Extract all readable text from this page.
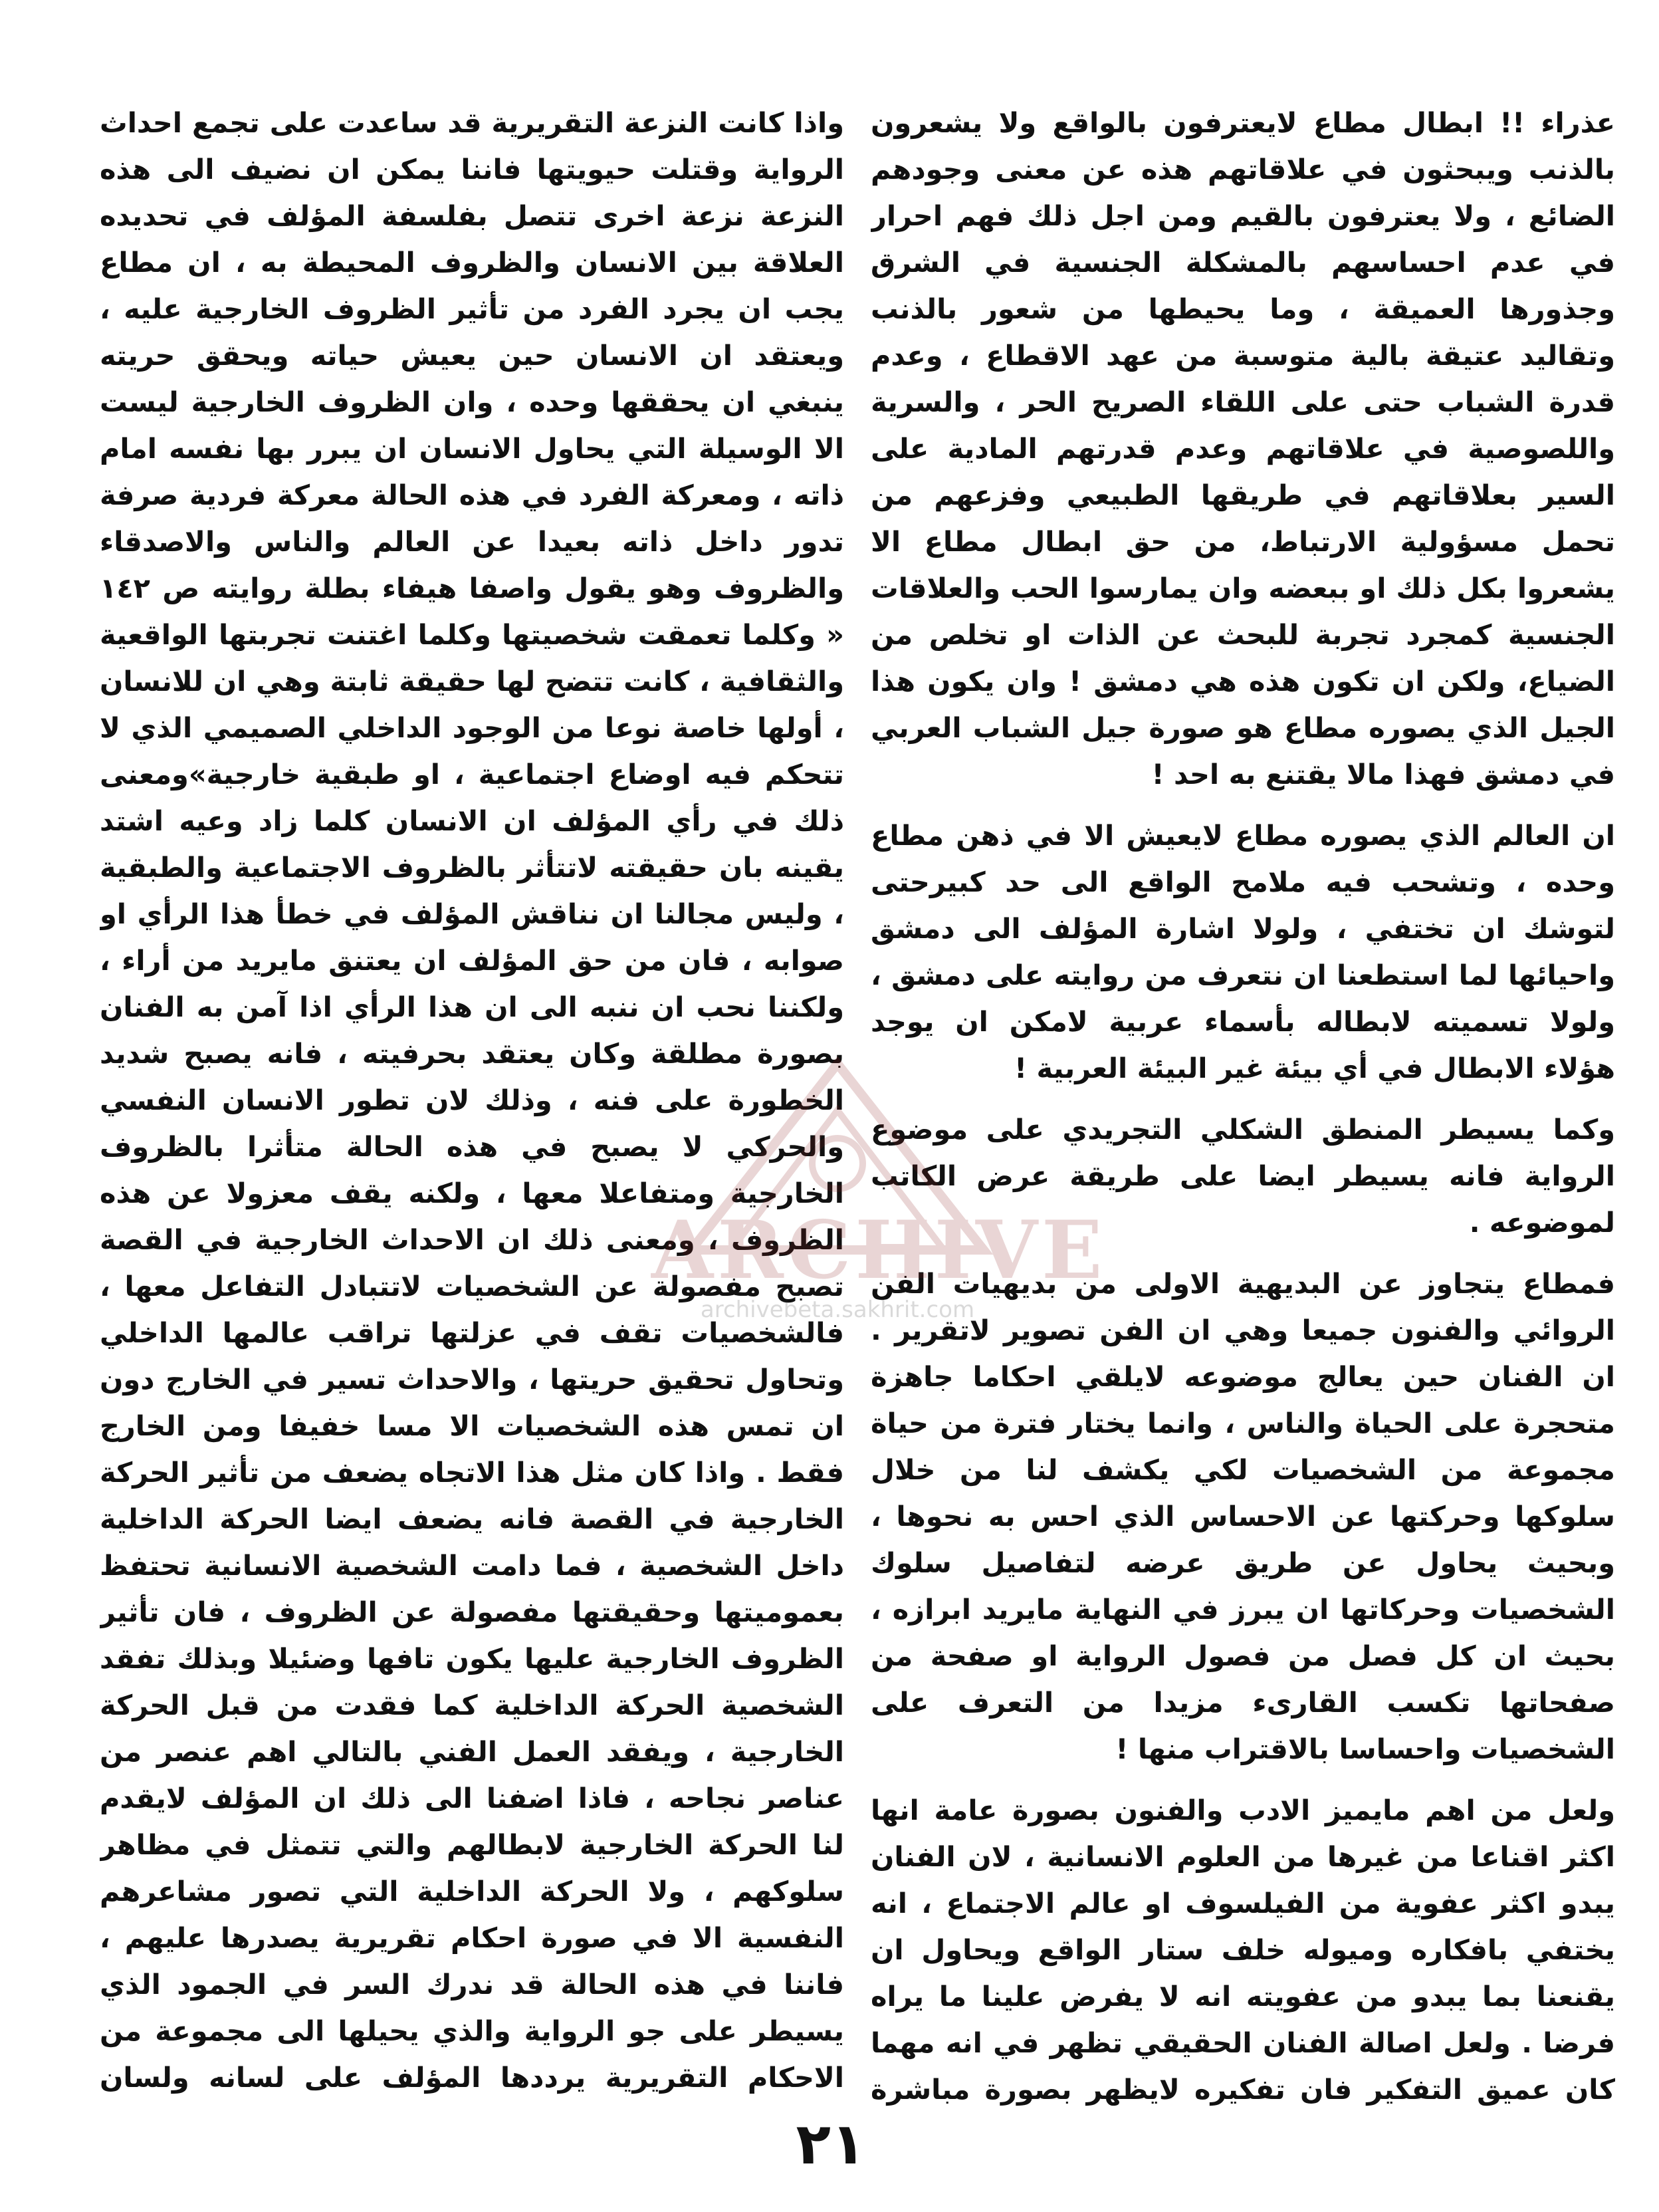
عذراء !! ابطال مطاع لايعترفون بالواقع ولا يشعرون بالذنب ويبحثون في علاقاتهم هذه عن معنى وجودهم الضائع ، ولا يعترفون بالقيم ومن اجل ذلك فهم احرار في عدم احساسهم بالمشكلة الجنسية في الشرق وجذورها العميقة ، وما يحيطها من شعور بالذنب وتقاليد عتيقة بالية متوسبة من عهد الاقطاع ، وعدم قدرة الشباب حتى على اللقاء الصريح الحر ، والسرية واللصوصية في علاقاتهم وعدم قدرتهم المادية على السير بعلاقاتهم في طريقها الطبيعي وفزعهم من تحمل مسؤولية الارتباط، من حق ابطال مطاع الا يشعروا بكل ذلك او ببعضه وان يمارسوا الحب والعلاقات الجنسية كمجرد تجربة للبحث عن الذات او تخلص من الضياع، ولكن ان تكون هذه هي دمشق ! وان يكون هذا الجيل الذي يصوره مطاع هو صورة جيل الشباب العربي في دمشق فهذا مالا يقتنع به احد !

ان العالم الذي يصوره مطاع لايعيش الا في ذهن مطاع وحده ، وتشحب فيه ملامح الواقع الى حد كبيرحتى لتوشك ان تختفي ، ولولا اشارة المؤلف الى دمشق واحيائها لما استطعنا ان نتعرف من روايته على دمشق ، ولولا تسميته لابطاله بأسماء عربية لامكن ان يوجد هؤلاء الابطال في أي بيئة غير البيئة العربية !

وكما يسيطر المنطق الشكلي التجريدي على موضوع الرواية فانه يسيطر ايضا على طريقة عرض الكاتب لموضوعه .

فمطاع يتجاوز عن البديهية الاولى من بديهيات الفن الروائي والفنون جميعا وهي ان الفن تصوير لاتقرير . ان الفنان حين يعالج موضوعه لايلقي احكاما جاهزة متحجرة على الحياة والناس ، وانما يختار فترة من حياة مجموعة من الشخصيات لكي يكشف لنا من خلال سلوكها وحركتها عن الاحساس الذي احس به نحوها ، وبحيث يحاول عن طريق عرضه لتفاصيل سلوك الشخصيات وحركاتها ان يبرز في النهاية مايريد ابرازه ، بحيث ان كل فصل من فصول الرواية او صفحة من صفحاتها تكسب القارىء مزيدا من التعرف على الشخصيات واحساسا بالاقتراب منها !

ولعل من اهم مايميز الادب والفنون بصورة عامة انها اكثر اقناعا من غيرها من العلوم الانسانية ، لان الفنان يبدو اكثر عفوية من الفيلسوف او عالم الاجتماع ، انه يختفي بافكاره وميوله خلف ستار الواقع ويحاول ان يقنعنا بما يبدو من عفويته انه لا يفرض علينا ما يراه فرضا . ولعل اصالة الفنان الحقيقي تظهر في انه مهما كان عميق التفكير فان تفكيره لايظهر بصورة مباشرة

واذا كانت النزعة التقريرية قد ساعدت على تجمع احداث الرواية وقتلت حيويتها فاننا يمكن ان نضيف الى هذه النزعة نزعة اخرى تتصل بفلسفة المؤلف في تحديده العلاقة بين الانسان والظروف المحيطة به ، ان مطاع يجب ان يجرد الفرد من تأثير الظروف الخارجية عليه ، ويعتقد ان الانسان حين يعيش حياته ويحقق حريته ينبغي ان يحققها وحده ، وان الظروف الخارجية ليست الا الوسيلة التي يحاول الانسان ان يبرر بها نفسه امام ذاته ، ومعركة الفرد في هذه الحالة معركة فردية صرفة تدور داخل ذاته بعيدا عن العالم والناس والاصدقاء والظروف وهو يقول واصفا هيفاء بطلة روايته ص ١٤٢ « وكلما تعمقت شخصيتها وكلما اغتنت تجربتها الواقعية والثقافية ، كانت تتضح لها حقيقة ثابتة وهي ان للانسان ، أولها خاصة نوعا من الوجود الداخلي الصميمي الذي لا تتحكم فيه اوضاع اجتماعية ، او طبقية خارجية»ومعنى ذلك في رأي المؤلف ان الانسان كلما زاد وعيه اشتد يقينه بان حقيقته لاتتأثر بالظروف الاجتماعية والطبقية ، وليس مجالنا ان نناقش المؤلف في خطأ هذا الرأي او صوابه ، فان من حق المؤلف ان يعتنق مايريد من أراء ، ولكننا نحب ان ننبه الى ان هذا الرأي اذا آمن به الفنان بصورة مطلقة وكان يعتقد بحرفيته ، فانه يصبح شديد الخطورة على فنه ، وذلك لان تطور الانسان النفسي والحركي لا يصبح في هذه الحالة متأثرا بالظروف الخارجية ومتفاعلا معها ، ولكنه يقف معزولا عن هذه الظروف ، ومعنى ذلك ان الاحداث الخارجية في القصة تصبح مفصولة عن الشخصيات لاتتبادل التفاعل معها ، فالشخصيات تقف في عزلتها تراقب عالمها الداخلي وتحاول تحقيق حريتها ، والاحداث تسير في الخارج دون ان تمس هذه الشخصيات الا مسا خفيفا ومن الخارج فقط . واذا كان مثل هذا الاتجاه يضعف من تأثير الحركة الخارجية في القصة فانه يضعف ايضا الحركة الداخلية داخل الشخصية ، فما دامت الشخصية الانسانية تحتفظ بعموميتها وحقيقتها مفصولة عن الظروف ، فان تأثير الظروف الخارجية عليها يكون تافها وضئيلا وبذلك تفقد الشخصية الحركة الداخلية كما فقدت من قبل الحركة الخارجية ، ويفقد العمل الفني بالتالي اهم عنصر من عناصر نجاحه ، فاذا اضفنا الى ذلك ان المؤلف لايقدم لنا الحركة الخارجية لابطالهم والتي تتمثل في مظاهر سلوكهم ، ولا الحركة الداخلية التي تصور مشاعرهم النفسية الا في صورة احكام تقريرية يصدرها عليهم ، فاننا في هذه الحالة قد ندرك السر في الجمود الذي يسيطر على جو الرواية والذي يحيلها الى مجموعة من الاحكام التقريرية يرددها المؤلف على لسانه ولسان

ARCHIVE
archivebeta.sakhrit.com
٢١
